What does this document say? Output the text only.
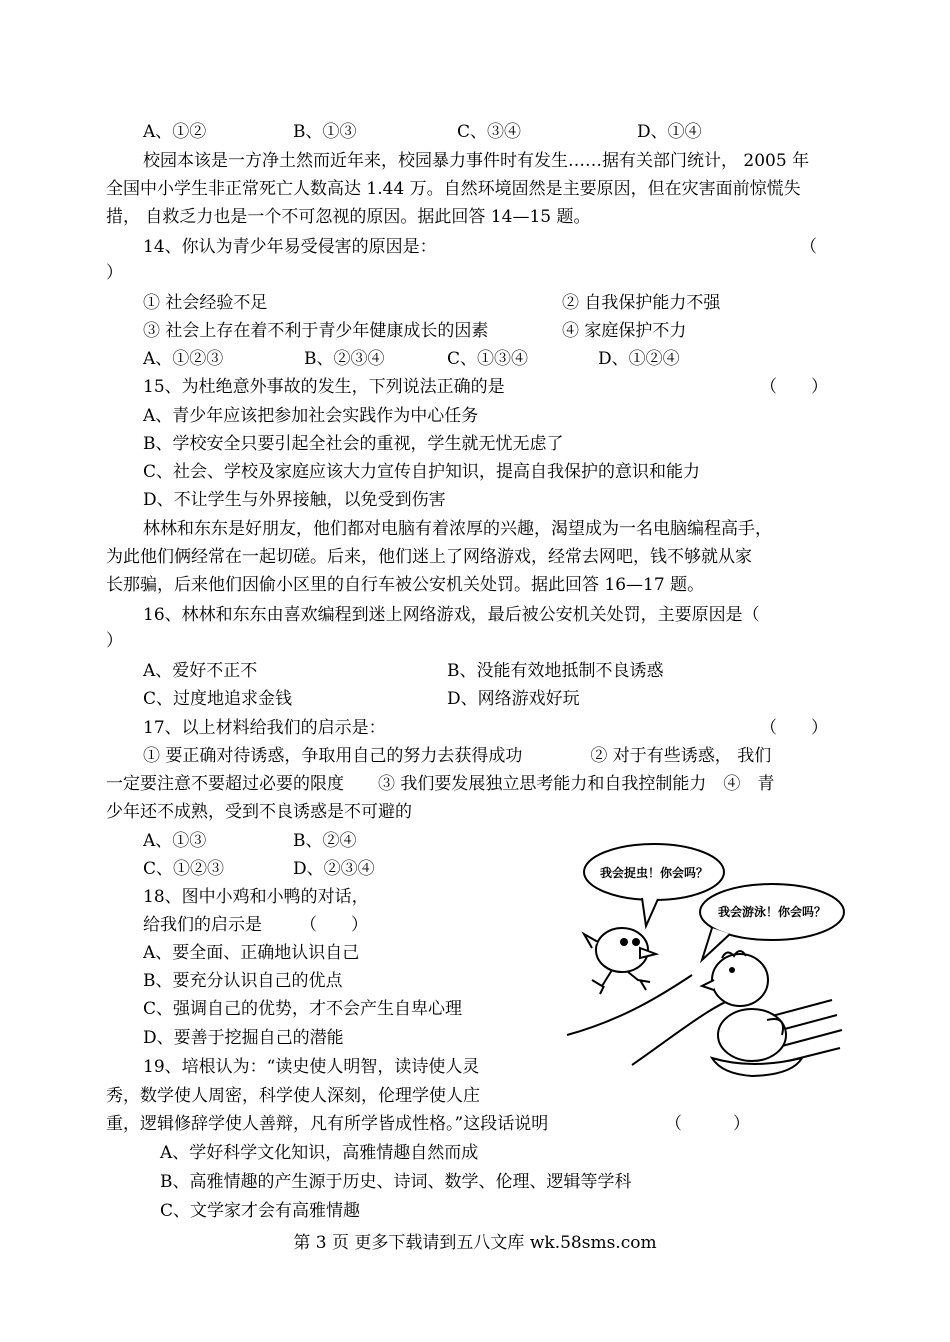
A、①②	B、①③	C、③④	D、①④
校园本该是一方净土然而近年来，校园暴力事件时有发生……据有关部门统计， 2005 年
全国中小学生非正常死亡人数高达 1.44 万。自然环境固然是主要原因，但在灾害面前惊慌失
措， 自救乏力也是一个不可忽视的原因。据此回答 14—15 题。
14、你认为青少年易受侵害的原因是：	（
）
① 社会经验不足	② 自我保护能力不强
③ 社会上存在着不利于青少年健康成长的因素	④ 家庭保护不力
A、①②③	B、②③④	C、①③④	D、①②④
15、为杜绝意外事故的发生，下列说法正确的是	（　　）
A、青少年应该把参加社会实践作为中心任务
B、学校安全只要引起全社会的重视，学生就无忧无虑了
C、社会、学校及家庭应该大力宣传自护知识，提高自我保护的意识和能力
D、不让学生与外界接触，以免受到伤害
林林和东东是好朋友，他们都对电脑有着浓厚的兴趣，渴望成为一名电脑编程高手，
为此他们俩经常在一起切磋。后来，他们迷上了网络游戏，经常去网吧，钱不够就从家
长那骗，后来他们因偷小区里的自行车被公安机关处罚。据此回答 16—17 题。
16、林林和东东由喜欢编程到迷上网络游戏，最后被公安机关处罚，主要原因是（
）
A、爱好不正不	B、没能有效地抵制不良诱惑
C、过度地追求金钱	D、网络游戏好玩
17、以上材料给我们的启示是：	（　　）
① 要正确对待诱惑，争取用自己的努力去获得成功　　　　② 对于有些诱惑， 我们
一定要注意不要超过必要的限度　　③ 我们要发展独立思考能力和自我控制能力　④　青
少年还不成熟，受到不良诱惑是不可避的
A、①③	B、②④
C、①②③	D、②③④
18、图中小鸡和小鸭的对话，
给我们的启示是 （　　）
A、要全面、正确地认识自己
B、要充分认识自己的优点
C、强调自己的优势，才不会产生自卑心理
D、要善于挖掘自己的潜能
我会捉虫！你会吗？
我会游泳！你会吗？
19、培根认为：“读史使人明智，读诗使人灵
秀，数学使人周密，科学使人深刻，伦理学使人庄
重，逻辑修辞学使人善辩，凡有所学皆成性格。”这段话说明	（　　　）
A、学好科学文化知识，高雅情趣自然而成
B、高雅情趣的产生源于历史、诗词、数学、伦理、逻辑等学科
C、文学家才会有高雅情趣
第 3 页 更多下载请到五八文库 wk.58sms.com
